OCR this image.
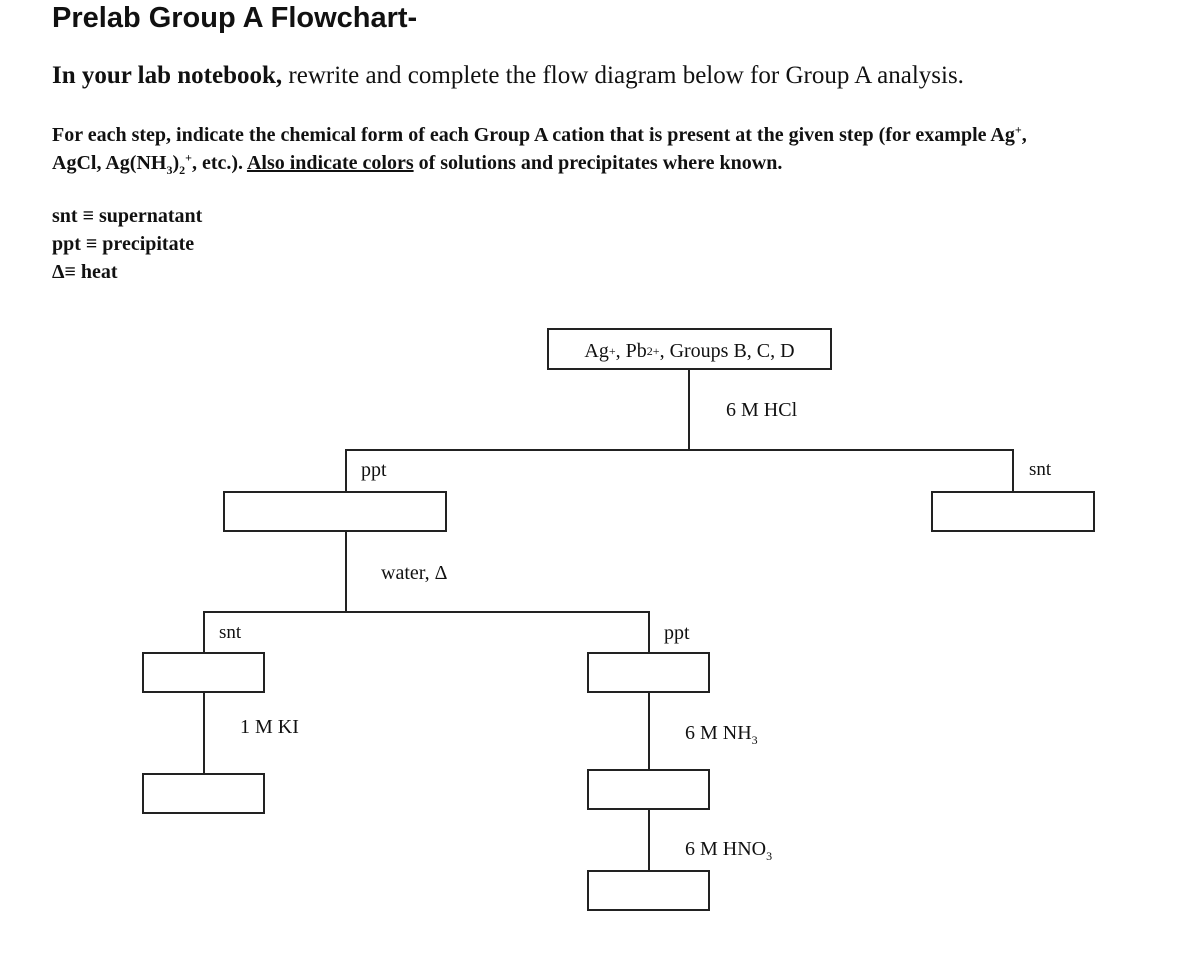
Prelab Group A Flowchart-
In your lab notebook, rewrite and complete the flow diagram below for Group A analysis.
For each step, indicate the chemical form of each Group A cation that is present at the given step (for example Ag+,
AgCl, $Ag(NH_3)_2^+$, etc.). Also indicate colors of solutions and precipitates where known.
snt ≡ supernatant
ppt ≡ precipitate
Δ≡ heat
Ag + , Pb 2+ , Groups B, C, D
6 M HCl
ppt	snt
water, Δ
snt	ppt
1 M KI	6 M $NH_3$
6 M $HNO_3$
